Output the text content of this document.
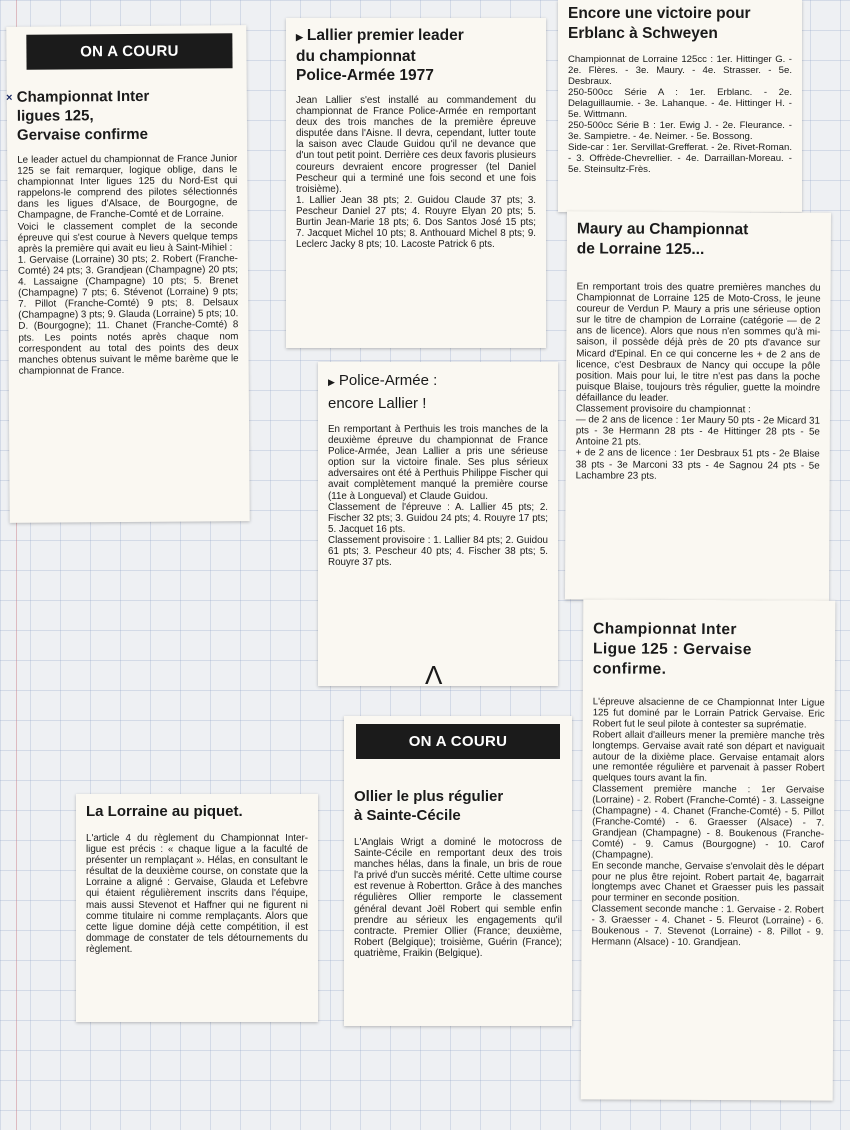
ON A COURU
Championnat Inter
ligues 125,
Gervaise confirme

Le leader actuel du championnat de France Junior 125 se fait remarquer, logique oblige, dans le championnat Inter ligues 125 du Nord-Est qui rappelons-le comprend des pilotes sélectionnés dans les ligues d'Alsace, de Bourgogne, de Champagne, de Franche-Comté et de Lorraine.
Voici le classement complet de la seconde épreuve qui s'est courue à Nevers quelque temps après la première qui avait eu lieu à Saint-Mihiel :
1. Gervaise (Lorraine) 30 pts; 2. Robert (Franche-Comté) 24 pts; 3. Grandjean (Champagne) 20 pts; 4. Lassaigne (Champagne) 10 pts; 5. Brenet (Champagne) 7 pts; 6. Stévenot (Lorraine) 9 pts; 7. Pillot (Franche-Comté) 9 pts; 8. Delsaux (Champagne) 3 pts; 9. Glauda (Lorraine) 5 pts; 10. D. (Bourgogne); 11. Chanet (Franche-Comté) 8 pts. Les points notés après chaque nom correspondent au total des points des deux manches obtenus suivant le même barème que le championnat de France.

×
▶ Lallier premier leader
du championnat
Police-Armée 1977

Jean Lallier s'est installé au commandement du championnat de France Police-Armée en remportant deux des trois manches de la première épreuve disputée dans l'Aisne. Il devra, cependant, lutter toute la saison avec Claude Guidou qu'il ne devance que d'un tout petit point. Derrière ces deux favoris plusieurs coureurs devraient encore progresser (tel Daniel Pescheur qui a terminé une fois second et une fois troisième).
1. Lallier Jean 38 pts; 2. Guidou Claude 37 pts; 3. Pescheur Daniel 27 pts; 4. Rouyre Elyan 20 pts; 5. Burtin Jean-Marie 18 pts; 6. Dos Santos José 15 pts; 7. Jacquet Michel 10 pts; 8. Anthouard Michel 8 pts; 9. Leclerc Jacky 8 pts; 10. Lacoste Patrick 6 pts.

▶ Police-Armée :
encore Lallier !

En remportant à Perthuis les trois manches de la deuxième épreuve du championnat de France Police-Armée, Jean Lallier a pris une sérieuse option sur la victoire finale. Ses plus sérieux adversaires ont été à Perthuis Philippe Fischer qui avait complètement manqué la première course (11e à Longueval) et Claude Guidou.
Classement de l'épreuve : A. Lallier 45 pts; 2. Fischer 32 pts; 3. Guidou 24 pts; 4. Rouyre 17 pts; 5. Jacquet 16 pts.
Classement provisoire : 1. Lallier 84 pts; 2. Guidou 61 pts; 3. Pescheur 40 pts; 4. Fischer 38 pts; 5. Rouyre 37 pts.

Λ
Encore une victoire pour
Erblanc à Schweyen

Championnat de Lorraine 125cc : 1er. Hittinger G. - 2e. Flères. - 3e. Maury. - 4e. Strasser. - 5e. Desbraux.
250-500cc Série A : 1er. Erblanc. - 2e. Delaguillaumie. - 3e. Lahanque. - 4e. Hittinger H. - 5e. Wittmann.
250-500cc Série B : 1er. Ewig J. - 2e. Fleurance. - 3e. Sampietre. - 4e. Neimer. - 5e. Bossong.
Side-car : 1er. Servillat-Grefferat. - 2e. Rivet-Roman. - 3. Offrède-Chevrellier. - 4e. Darraillan-Moreau. - 5e. Steinsultz-Frès.

Maury au Championnat
de Lorraine 125...

En remportant trois des quatre premières manches du Championnat de Lorraine 125 de Moto-Cross, le jeune coureur de Verdun P. Maury a pris une sérieuse option sur le titre de champion de Lorraine (catégorie — de 2 ans de licence). Alors que nous n'en sommes qu'à mi-saison, il possède déjà près de 20 pts d'avance sur Micard d'Epinal. En ce qui concerne les + de 2 ans de licence, c'est Desbraux de Nancy qui occupe la pôle position. Mais pour lui, le titre n'est pas dans la poche puisque Blaise, toujours très régulier, guette la moindre défaillance du leader.
Classement provisoire du championnat :
— de 2 ans de licence : 1er Maury 50 pts - 2e Micard 31 pts - 3e Hermann 28 pts - 4e Hittinger 28 pts - 5e Antoine 21 pts.
+ de 2 ans de licence : 1er Desbraux 51 pts - 2e Blaise 38 pts - 3e Marconi 33 pts - 4e Sagnou 24 pts - 5e Lachambre 23 pts.

Championnat Inter
Ligue 125 : Gervaise
confirme.

L'épreuve alsacienne de ce Championnat Inter Ligue 125 fut dominé par le Lorrain Patrick Gervaise. Eric Robert fut le seul pilote à contester sa suprématie.
Robert allait d'ailleurs mener la première manche très longtemps. Gervaise avait raté son départ et naviguait autour de la dixième place. Gervaise entamait alors une remontée régulière et parvenait à passer Robert quelques tours avant la fin.
Classement première manche : 1er Gervaise (Lorraine) - 2. Robert (Franche-Comté) - 3. Lasseigne (Champagne) - 4. Chanet (Franche-Comté) - 5. Pillot (Franche-Comté) - 6. Graesser (Alsace) - 7. Grandjean (Champagne) - 8. Boukenous (Franche-Comté) - 9. Camus (Bourgogne) - 10. Carof (Champagne).
En seconde manche, Gervaise s'envolait dès le départ pour ne plus être rejoint. Robert partait 4e, bagarrait longtemps avec Chanet et Graesser puis les passait pour terminer en seconde position.
Classement seconde manche : 1. Gervaise - 2. Robert - 3. Graesser - 4. Chanet - 5. Fleurot (Lorraine) - 6. Boukenous - 7. Stevenot (Lorraine) - 8. Pillot - 9. Hermann (Alsace) - 10. Grandjean.

La Lorraine au piquet.

L'article 4 du règlement du Championnat Inter-ligue est précis : « chaque ligue a la faculté de présenter un remplaçant ». Hélas, en consultant le résultat de la deuxième course, on constate que la Lorraine a aligné : Gervaise, Glauda et Lefebvre qui étaient régulièrement inscrits dans l'équipe, mais aussi Stevenot et Haffner qui ne figurent ni comme titulaire ni comme remplaçants. Alors que cette ligue domine déjà cette compétition, il est dommage de constater de tels détournements du règlement.

ON A COURU
Ollier le plus régulier
à Sainte-Cécile

L'Anglais Wrigt a dominé le motocross de Sainte-Cécile en remportant deux des trois manches hélas, dans la finale, un bris de roue l'a privé d'un succès mérité. Cette ultime course est revenue à Robertton. Grâce à des manches régulières Ollier remporte le classement général devant Joël Robert qui semble enfin prendre au sérieux les engagements qu'il contracte. Premier Ollier (France; deuxième, Robert (Belgique); troisième, Guérin (France); quatrième, Fraikin (Belgique).
